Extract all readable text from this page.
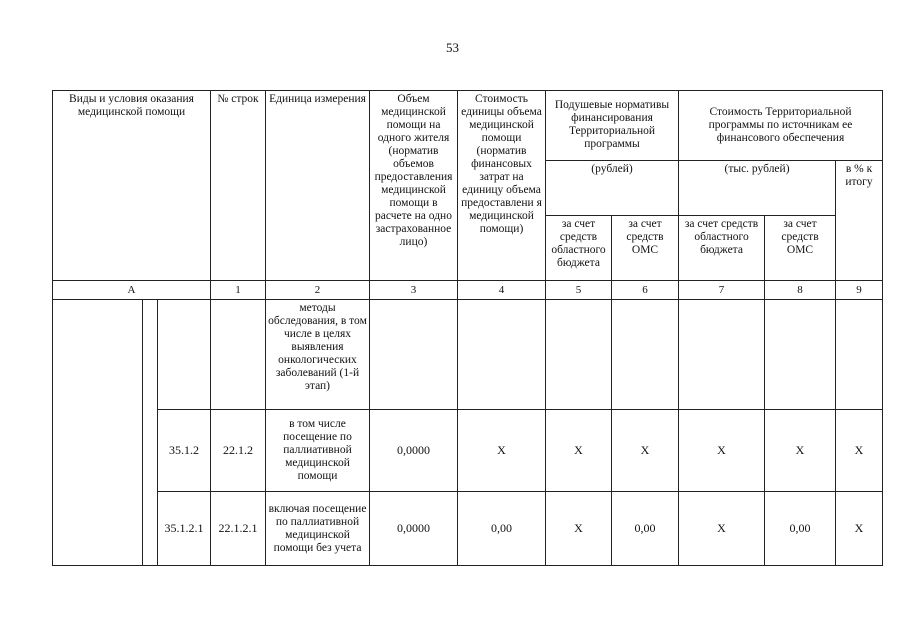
53
Виды и условия оказания медицинской помощи			№ строк	Единица измерения	Объем медицинской помощи на одного жителя (норматив объемов предоставления медицинской помощи в расчете на одно застрахованное лицо)	Стоимость единицы объема медицинской помощи (норматив финансовых затрат на единицу объема предоставлени я медицинской помощи)	Подушевые нормативы финансирования Территориальной программы		Стоимость Территориальной программы по источникам ее финансового обеспечения		
							(рублей)		(тыс. рублей)		в % к итогу
							за счет средств областного бюджета	за счет средств ОМС	за счет средств областного бюджета	за счет средств ОМС	
А			1	2	3	4	5	6	7	8	9
				методы обследования, в том числе в целях выявления онкологических заболеваний (1-й этап)							
		35.1.2	22.1.2	в том числе посещение по паллиативной медицинской помощи	0,0000	Х	Х	Х	Х	Х	Х
		35.1.2.1	22.1.2.1	включая посещение по паллиативной медицинской помощи без учета	0,0000	0,00	Х	0,00	Х	0,00	Х
